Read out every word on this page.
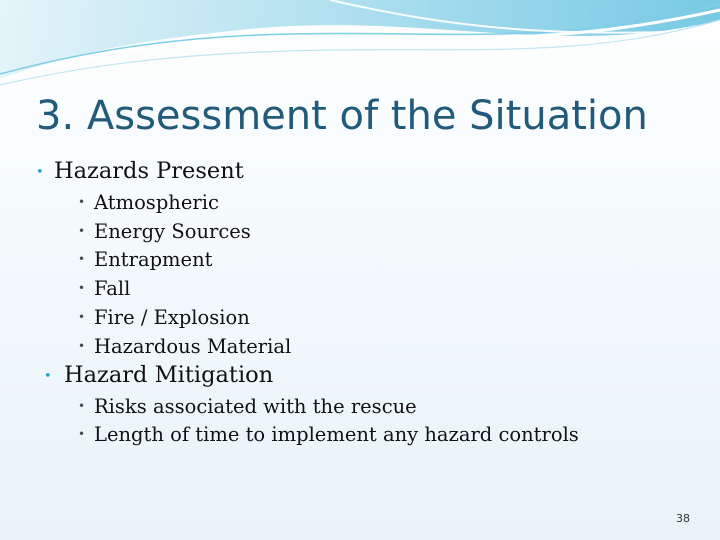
3. Assessment of the Situation
• Hazards Present
• Atmospheric
• Energy Sources
• Entrapment
• Fall
• Fire / Explosion
• Hazardous Material
• Hazard Mitigation
• Risks associated with the rescue
• Length of time to implement any hazard controls
38
